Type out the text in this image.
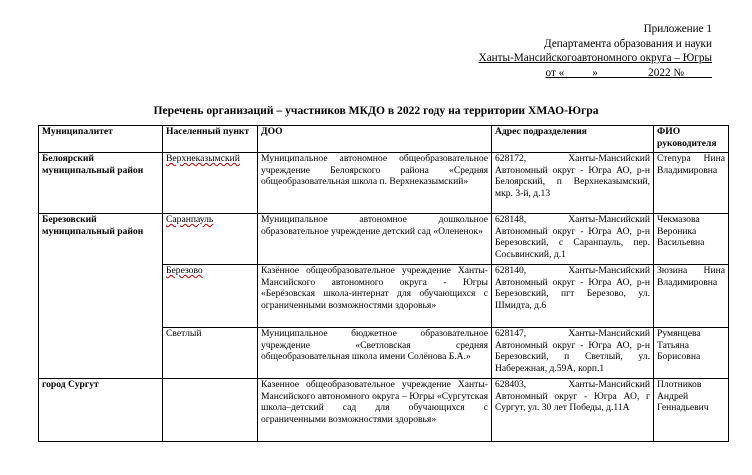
Приложение 1
Департамента образования и науки
Ханты-Мансийскогоавтономного округа – Югры
от «_____»_________2022 №_____
Перечень организаций – участников МКДО в 2022 году на территории ХМАО-Югра
Муниципалитет	Населенный пункт	ДОО	Адрес подразделения	ФИО руководителя
Белоярский муниципальный район	Верхнеказымский	Муниципальное автономное общеобразовательное учреждение Белоярского района «Средняя общеобразовательная школа п. Верхнеказымский»	628172, Ханты-Мансийский Автономный округ - Югра АО, р-н Белоярский, п Верхнеказымский, мкр. 3-й, д.13	Степура Нина Владимировна
Березовский муниципальный район	Саранпауль	Муниципальное автономное дошкольное образовательное учреждение детский сад «Олененок»	628148, Ханты-Мансийский Автономный округ - Югра АО, р-н Березовский, с Саранпауль, пер. Сосьвинский, д.1	Чекмазова Вероника Васильевна
	Березово	Казённое общеобразовательное учреждение Ханты-Мансийского автономного округа - Югры «Берёзовская школа-интернат для обучающихся с ограниченными возможностями здоровья»	628140, Ханты-Мансийский Автономный округ - Югра АО, р-н Березовский, пгт Березово, ул. Шмидта, д.6	Зюзина Нина Владимировна
	Светлый	Муниципальное бюджетное образовательное учреждение «Светловская средняя общеобразовательная школа имени Солёнова Б.А.»	628147, Ханты-Мансийский Автономный округ - Югра АО, р-н Березовский, п Светлый, ул. Набережная, д.59А, корп.1	Румянцева Татьяна Борисовна
город Сургут		Казенное общеобразовательное учреждение Ханты-Мансийского автономного округа – Югры «Сургутская школа–детский сад для обучающихся с ограниченными возможностями здоровья»	628403, Ханты-Мансийский Автономный округ - Югра АО, г Сургут, ул. 30 лет Победы, д.11А	Плотников Андрей Геннадьевич
